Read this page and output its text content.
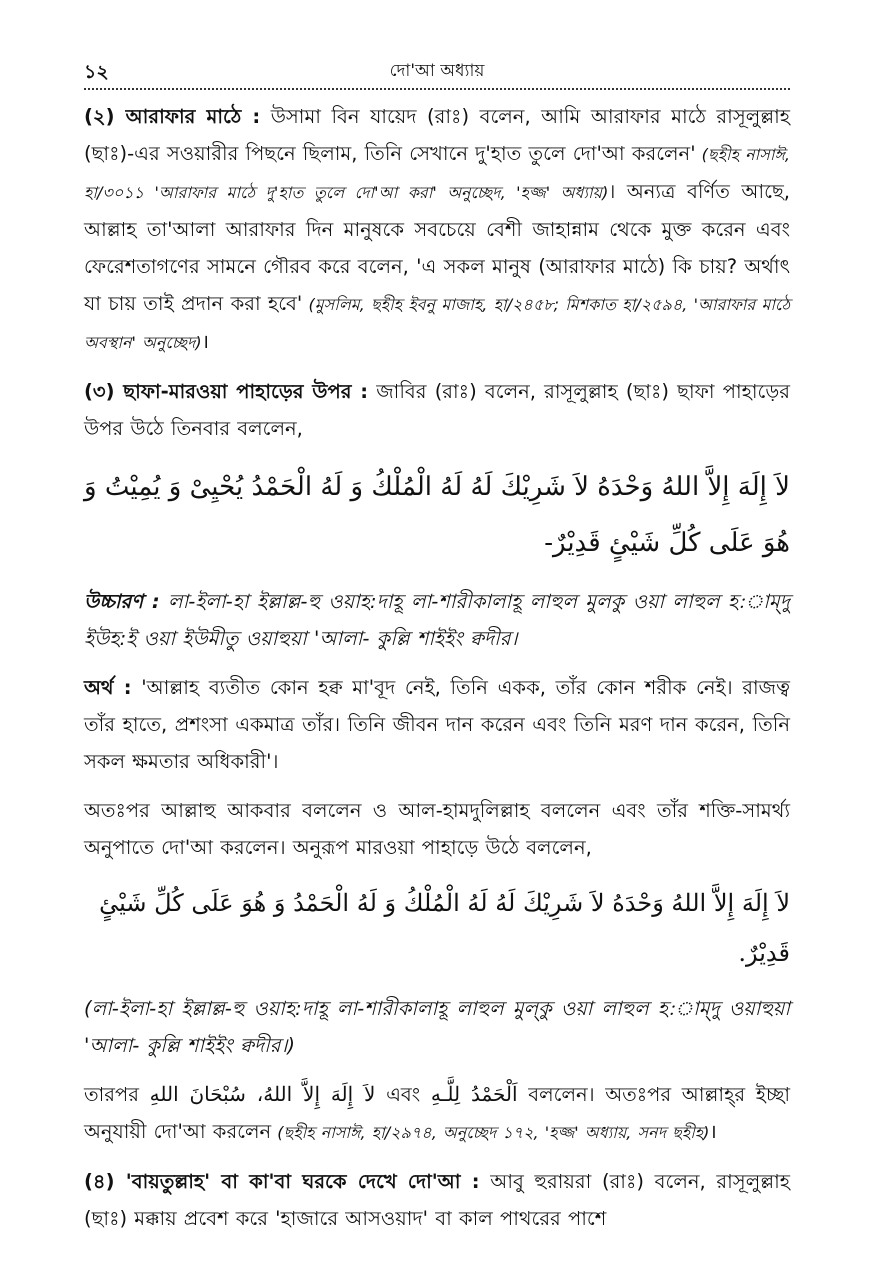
১২	দো'আ অধ্যায়

(২) আরাফার মাঠে : উসামা বিন যায়েদ (রাঃ) বলেন, আমি আরাফার মাঠে রাসূলুল্লাহ (ছাঃ)-এর সওয়ারীর পিছনে ছিলাম, তিনি সেখানে দু'হাত তুলে দো'আ করলেন' (ছহীহ নাসাঈ, হা/৩০১১ 'আরাফার মাঠে দু'হাত তুলে দো'আ করা' অনুচ্ছেদ, 'হজ্জ' অধ্যায়)। অন্যত্র বর্ণিত আছে, আল্লাহ তা'আলা আরাফার দিন মানুষকে সবচেয়ে বেশী জাহান্নাম থেকে মুক্ত করেন এবং ফেরেশতাগণের সামনে গৌরব করে বলেন, 'এ সকল মানুষ (আরাফার মাঠে) কি চায়? অর্থাৎ যা চায় তাই প্রদান করা হবে' (মুসলিম, ছহীহ ইবনু মাজাহ, হা/২৪৫৮; মিশকাত হা/২৫৯৪, 'আরাফার মাঠে অবস্থান' অনুচ্ছেদ)।

(৩) ছাফা-মারওয়া পাহাড়ের উপর : জাবির (রাঃ) বলেন, রাসূলুল্লাহ (ছাঃ) ছাফা পাহাড়ের উপর উঠে তিনবার বললেন,

لاَ إِلَهَ إِلاَّ اللهُ وَحْدَهُ لاَ شَرِيْكَ لَهُ لَهُ الْمُلْكُ وَ لَهُ الْحَمْدُ يُحْيِىْ وَ يُمِيْتُ وَ هُوَ عَلَى كُلِّ شَيْئٍ قَدِيْرٌ-

উচ্চারণ : লা-ইলা-হা ইল্লাল্ল-হু ওয়াহ:দাহূ লা-শারীকালাহূ লাহুল মুলকু ওয়া লাহুল হ:াম্‌দু ইউহ:ই ওয়া ইউমীতু ওয়াহুয়া 'আলা- কুল্লি শাইইং ক্বদীর।

অর্থ : 'আল্লাহ ব্যতীত কোন হক্ব মা'বূদ নেই, তিনি একক, তাঁর কোন শরীক নেই। রাজত্ব তাঁর হাতে, প্রশংসা একমাত্র তাঁর। তিনি জীবন দান করেন এবং তিনি মরণ দান করেন, তিনি সকল ক্ষমতার অধিকারী'।

অতঃপর আল্লাহু আকবার বললেন ও আল-হামদুলিল্লাহ বললেন এবং তাঁর শক্তি-সামর্থ্য অনুপাতে দো'আ করলেন। অনুরূপ মারওয়া পাহাড়ে উঠে বললেন,

لاَ إِلَهَ إِلاَّ اللهُ وَحْدَهُ لاَ شَرِيْكَ لَهُ لَهُ الْمُلْكُ وَ لَهُ الْحَمْدُ وَ هُوَ عَلَى كُلِّ شَيْئٍ قَدِيْرٌ.

(লা-ইলা-হা ইল্লাল্ল-হু ওয়াহ:দাহূ লা-শারীকালাহূ লাহুল মুল্‌কু ওয়া লাহুল হ:াম্‌দু ওয়াহুয়া 'আলা- কুল্লি শাইইং ক্বদীর।)

তারপর لاَ إِلَهَ إِلاَّ اللهُ، سُبْحَانَ اللهِ এবং اَلْحَمْدُ لِلَّـهِ বললেন। অতঃপর আল্লাহ্‌র ইচ্ছা অনুযায়ী দো'আ করলেন (ছহীহ নাসাঈ, হা/২৯৭৪, অনুচ্ছেদ ১৭২, 'হজ্জ' অধ্যায়, সনদ ছহীহ)।

(৪) 'বায়তুল্লাহ' বা কা'বা ঘরকে দেখে দো'আ : আবু হুরায়রা (রাঃ) বলেন, রাসূলুল্লাহ (ছাঃ) মক্কায় প্রবেশ করে 'হাজারে আসওয়াদ' বা কাল পাথরের পাশে
